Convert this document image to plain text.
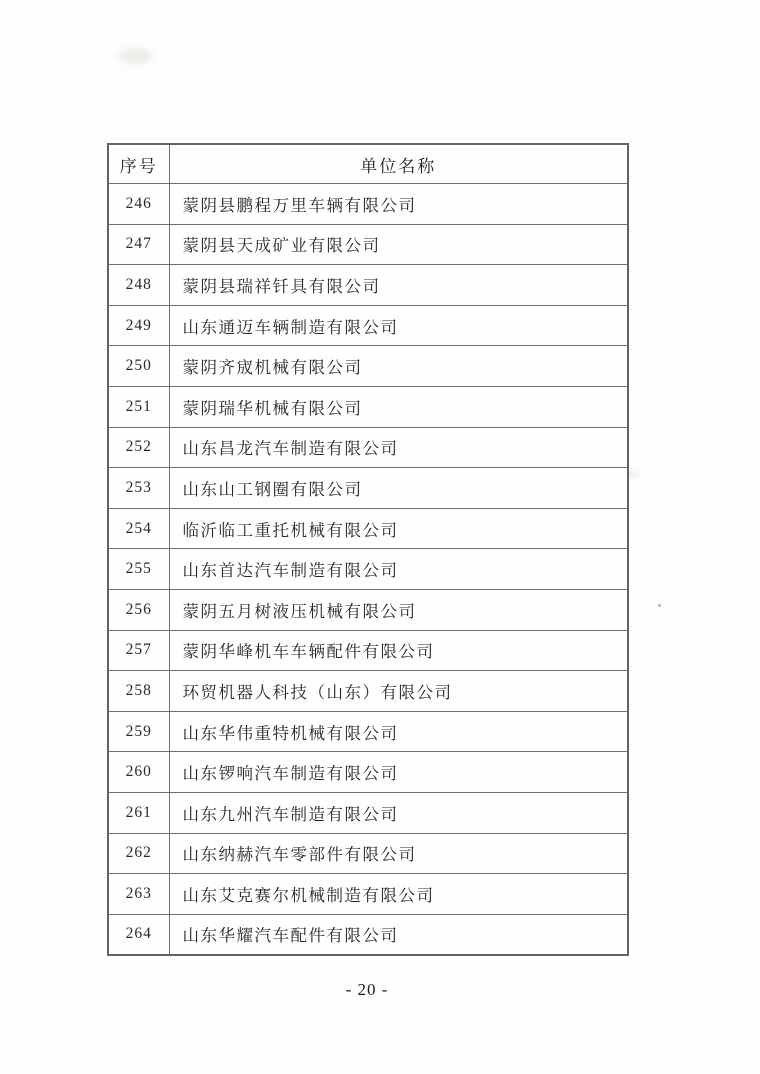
序号	单位名称
246	蒙阴县鹏程万里车辆有限公司
247	蒙阴县天成矿业有限公司
248	蒙阴县瑞祥钎具有限公司
249	山东通迈车辆制造有限公司
250	蒙阴齐宬机械有限公司
251	蒙阴瑞华机械有限公司
252	山东昌龙汽车制造有限公司
253	山东山工钢圈有限公司
254	临沂临工重托机械有限公司
255	山东首达汽车制造有限公司
256	蒙阴五月树液压机械有限公司
257	蒙阴华峰机车车辆配件有限公司
258	环贸机器人科技（山东）有限公司
259	山东华伟重特机械有限公司
260	山东锣响汽车制造有限公司
261	山东九州汽车制造有限公司
262	山东纳赫汽车零部件有限公司
263	山东艾克赛尔机械制造有限公司
264	山东华耀汽车配件有限公司
- 20 -
